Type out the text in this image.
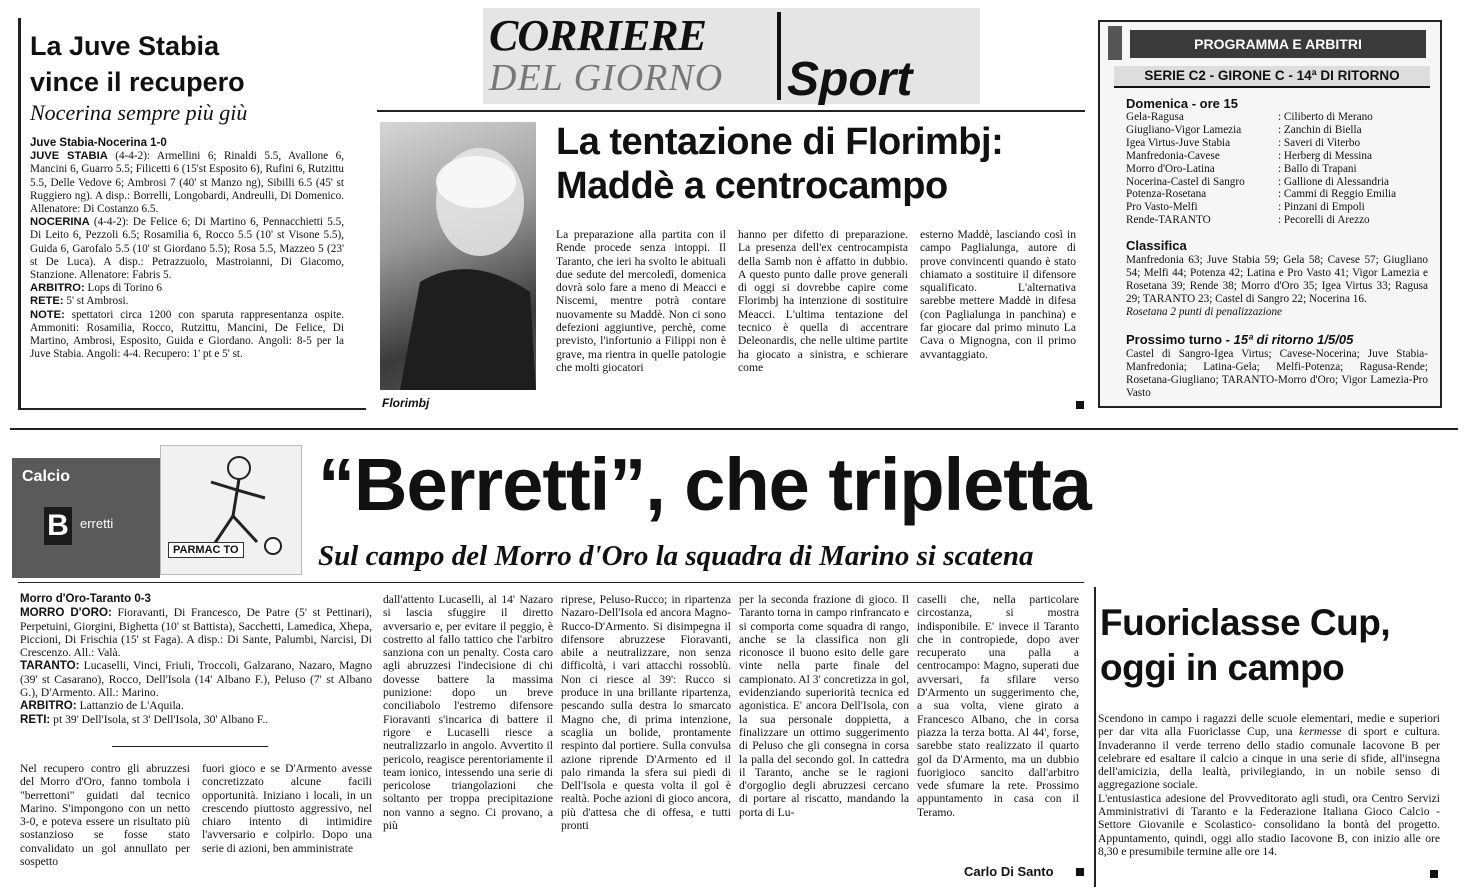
La Juve Stabia
vince il recupero
Nocerina sempre più giù

Juve Stabia-Nocerina 1-0

JUVE STABIA (4-4-2): Armellini 6; Rinaldi 5.5, Avallone 6, Mancini 6, Guarro 5.5; Filicetti 6 (15'st Esposito 6), Rufini 6, Rutzittu 5.5, Delle Vedove 6; Ambrosi 7 (40' st Manzo ng), Sibilli 6.5 (45' st Ruggiero ng). A disp.: Borrelli, Longobardi, Andreulli, Di Domenico. Allenatore: Di Costanzo 6.5.

NOCERINA (4-4-2): De Felice 6; Di Martino 6, Pennacchietti 5.5, Di Leito 6, Pezzoli 6.5; Rosamilia 6, Rocco 5.5 (10' st Visone 5.5), Guida 6, Garofalo 5.5 (10' st Giordano 5.5); Rosa 5.5, Mazzeo 5 (23' st De Luca). A disp.: Petrazzuolo, Mastroianni, Di Giacomo, Stanzione. Allenatore: Fabris 5.

ARBITRO: Lops di Torino 6

RETE: 5' st Ambrosi.

NOTE: spettatori circa 1200 con sparuta rappresentanza ospite. Ammoniti: Rosamilia, Rocco, Rutzittu, Mancini, De Felice, Di Martino, Ambrosi, Esposito, Guida e Giordano. Angoli: 8-5 per la Juve Stabia. Angoli: 4-4. Recupero: 1' pt e 5' st.

CORRIERE
DEL GIORNO Sport
Florimbj
La tentazione di Florimbj:
Maddè a centrocampo
La preparazione alla partita con il Rende procede senza intoppi. Il Taranto, che ieri ha svolto le abituali due sedute del mercoledì, domenica dovrà solo fare a meno di Meacci e Niscemi, mentre potrà contare nuovamente su Maddè. Non ci sono defezioni aggiuntive, perchè, come previsto, l'infortunio a Filippi non è grave, ma rientra in quelle patologie che molti giocatori
hanno per difetto di preparazione. La presenza dell'ex centrocampista della Samb non è affatto in dubbio. A questo punto dalle prove generali di oggi si dovrebbe capire come Florimbj ha intenzione di sostituire Meacci. L'ultima tentazione del tecnico è quella di accentrare Deleonardis, che nelle ultime partite ha giocato a sinistra, e schierare come
esterno Maddè, lasciando così in campo Paglialunga, autore di prove convincenti quando è stato chiamato a sostituire il difensore squalificato. L'alternativa sarebbe mettere Maddè in difesa (con Paglialunga in panchina) e far giocare dal primo minuto La Cava o Mignogna, con il primo avvantaggiato.
PROGRAMMA E ARBITRI
SERIE C2 - GIRONE C - 14ª DI RITORNO
Domenica - ore 15
Gela-Ragusa	: Ciliberto di Merano
Giugliano-Vigor Lamezia	: Zanchin di Biella
Igea Virtus-Juve Stabia	: Saveri di Viterbo
Manfredonia-Cavese	: Herberg di Messina
Morro d'Oro-Latina	: Ballo di Trapani
Nocerina-Castel di Sangro	: Gallione di Alessandria
Potenza-Rosetana	: Cammi di Reggio Emilia
Pro Vasto-Melfi	: Pinzani di Empoli
Rende-TARANTO	: Pecorelli di Arezzo
Classifica
Manfredonia 63; Juve Stabia 59; Gela 58; Cavese 57; Giugliano 54; Melfi 44; Potenza 42; Latina e Pro Vasto 41; Vigor Lamezia e Rosetana 39; Rende 38; Morro d'Oro 35; Igea Virtus 33; Ragusa 29; TARANTO 23; Castel di Sangro 22; Nocerina 16.
Rosetana 2 punti di penalizzazione
Prossimo turno - 15ª di ritorno 1/5/05
Castel di Sangro-Igea Virtus; Cavese-Nocerina; Juve Stabia-Manfredonia; Latina-Gela; Melfi-Potenza; Ragusa-Rende; Rosetana-Giugliano; TARANTO-Morro d'Oro; Vigor Lamezia-Pro Vasto
Calcio
B erretti
PARMAC TO
“Berretti”, che tripletta
Sul campo del Morro d'Oro la squadra di Marino si scatena
Morro d'Oro-Taranto 0-3
MORRO D'ORO: Fioravanti, Di Francesco, De Patre (5' st Pettinari), Perpetuini, Giorgini, Bighetta (10' st Battista), Sacchetti, Lamedica, Xhepa, Piccioni, Di Frischia (15' st Faga). A disp.: Di Sante, Palumbi, Narcisi, Di Crescenzo. All.: Valà.
TARANTO: Lucaselli, Vinci, Friuli, Troccoli, Galzarano, Nazaro, Magno (39' st Casarano), Rocco, Dell'Isola (14' Albano F.), Peluso (7' st Albano G.), D'Armento. All.: Marino.
ARBITRO: Lattanzio de L'Aquila.
RETI: pt 39' Dell'Isola, st 3' Dell'Isola, 30' Albano F..
Nel recupero contro gli abruzzesi del Morro d'Oro, fanno tombola i "berrettoni" guidati dal tecnico Marino. S'impongono con un netto 3-0, e poteva essere un risultato più sostanzioso se fosse stato convalidato un gol annullato per sospetto
fuori gioco e se D'Armento avesse concretizzato alcune facili opportunità. Iniziano i locali, in un crescendo piuttosto aggressivo, nel chiaro intento di intimidire l'avversario e colpirlo. Dopo una serie di azioni, ben amministrate
dall'attento Lucaselli, al 14' Nazaro si lascia sfuggire il diretto avversario e, per evitare il peggio, è costretto al fallo tattico che l'arbitro sanziona con un penalty. Costa caro agli abruzzesi l'indecisione di chi dovesse battere la massima punizione: dopo un breve conciliabolo l'estremo difensore Fioravanti s'incarica di battere il rigore e Lucaselli riesce a neutralizzarlo in angolo. Avvertito il pericolo, reagisce perentoriamente il team ionico, intessendo una serie di pericolose triangolazioni che soltanto per troppa precipitazione non vanno a segno. Ci provano, a più
riprese, Peluso-Rucco; in ripartenza Nazaro-Dell'Isola ed ancora Magno-Rucco-D'Armento. Si disimpegna il difensore abruzzese Fioravanti, abile a neutralizzare, non senza difficoltà, i vari attacchi rossoblù. Non ci riesce al 39': Rucco si produce in una brillante ripartenza, pescando sulla destra lo smarcato Magno che, di prima intenzione, scaglia un bolide, prontamente respinto dal portiere. Sulla convulsa azione riprende D'Armento ed il palo rimanda la sfera sui piedi di Dell'Isola e questa volta il gol è realtà. Poche azioni di gioco ancora, più d'attesa che di offesa, e tutti pronti
per la seconda frazione di gioco. Il Taranto torna in campo rinfrancato e si comporta come squadra di rango, anche se la classifica non gli riconosce il buono esito delle gare vinte nella parte finale del campionato. Al 3' concretizza in gol, evidenziando superiorità tecnica ed agonistica. E' ancora Dell'Isola, con la sua personale doppietta, a finalizzare un ottimo suggerimento di Peluso che gli consegna in corsa la palla del secondo gol. In cattedra il Taranto, anche se le ragioni d'orgoglio degli abruzzesi cercano di portare al riscatto, mandando la porta di Lu-
caselli che, nella particolare circostanza, si mostra indisponibile. E' invece il Taranto che in contropiede, dopo aver recuperato una palla a centrocampo: Magno, superati due avversari, fa sfilare verso D'Armento un suggerimento che, a sua volta, viene girato a Francesco Albano, che in corsa piazza la terza botta. Al 44', forse, sarebbe stato realizzato il quarto gol da D'Armento, ma un dubbio fuorigioco sancito dall'arbitro vede sfumare la rete. Prossimo appuntamento in casa con il Teramo.
Carlo Di Santo
Fuoriclasse Cup,
oggi in campo
Scendono in campo i ragazzi delle scuole elementari, medie e superiori per dar vita alla Fuoriclasse Cup, una kermesse di sport e cultura. Invaderanno il verde terreno dello stadio comunale Iacovone B per celebrare ed esaltare il calcio a cinque in una serie di sfide, all'insegna dell'amicizia, della lealtà, privilegiando, in un nobile senso di aggregazione sociale.
L'entusiastica adesione del Provveditorato agli studi, ora Centro Servizi Amministrativi di Taranto e la Federazione Italiana Gioco Calcio - Settore Giovanile e Scolastico- consolidano la bontà del progetto. Appuntamento, quindi, oggi allo stadio Iacovone B, con inizio alle ore 8,30 e presumibile termine alle ore 14.
